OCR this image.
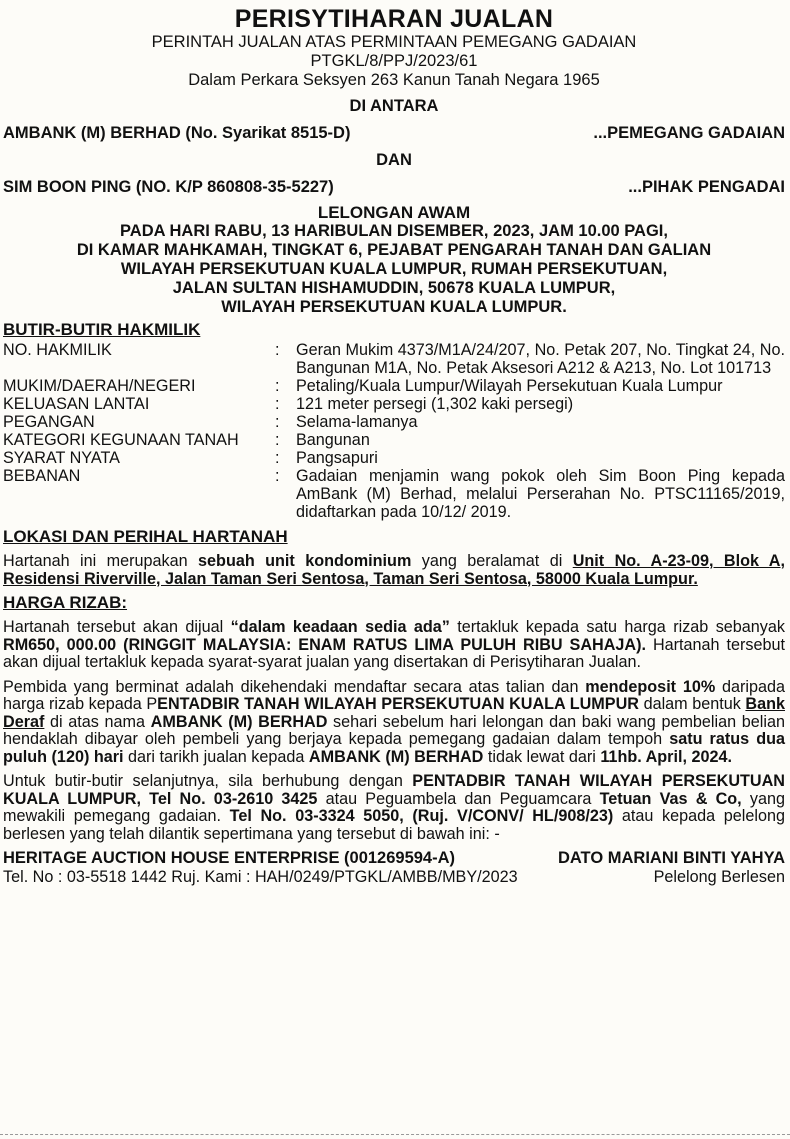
PERISYTIHARAN JUALAN
PERINTAH JUALAN ATAS PERMINTAAN PEMEGANG GADAIAN
PTGKL/8/PPJ/2023/61
Dalam Perkara Seksyen 263 Kanun Tanah Negara 1965
DI ANTARA
AMBANK (M) BERHAD (No. Syarikat 8515-D)	...PEMEGANG GADAIAN
DAN
SIM BOON PING (NO. K/P 860808-35-5227)	...PIHAK PENGADAI
LELONGAN AWAM
PADA HARI RABU, 13 HARIBULAN DISEMBER, 2023, JAM 10.00 PAGI,
DI KAMAR MAHKAMAH, TINGKAT 6, PEJABAT PENGARAH TANAH DAN GALIAN
WILAYAH PERSEKUTUAN KUALA LUMPUR, RUMAH PERSEKUTUAN,
JALAN SULTAN HISHAMUDDIN, 50678 KUALA LUMPUR,
WILAYAH PERSEKUTUAN KUALA LUMPUR.
BUTIR-BUTIR HAKMILIK
NO. HAKMILIK	:	Geran Mukim 4373/M1A/24/207, No. Petak 207, No. Tingkat 24, No. Bangunan M1A, No. Petak Aksesori A212 & A213, No. Lot 101713
MUKIM/DAERAH/NEGERI	:	Petaling/Kuala Lumpur/Wilayah Persekutuan Kuala Lumpur
KELUASAN LANTAI	:	121 meter persegi (1,302 kaki persegi)
PEGANGAN	:	Selama-lamanya
KATEGORI KEGUNAAN TANAH	:	Bangunan
SYARAT NYATA	:	Pangsapuri
BEBANAN	:	Gadaian menjamin wang pokok oleh Sim Boon Ping kepada AmBank (M) Berhad, melalui Perserahan No. PTSC11165/2019, didaftarkan pada 10/12/ 2019.
LOKASI DAN PERIHAL HARTANAH

Hartanah ini merupakan sebuah unit kondominium yang beralamat di Unit No. A-23-09, Blok A, Residensi Riverville, Jalan Taman Seri Sentosa, Taman Seri Sentosa, 58000 Kuala Lumpur.

HARGA RIZAB:

Hartanah tersebut akan dijual “dalam keadaan sedia ada” tertakluk kepada satu harga rizab sebanyak RM650, 000.00 (RINGGIT MALAYSIA: ENAM RATUS LIMA PULUH RIBU SAHAJA). Hartanah tersebut akan dijual tertakluk kepada syarat-syarat jualan yang disertakan di Perisytiharan Jualan.

Pembida yang berminat adalah dikehendaki mendaftar secara atas talian dan mendeposit 10% daripada harga rizab kepada PENTADBIR TANAH WILAYAH PERSEKUTUAN KUALA LUMPUR dalam bentuk Bank Deraf di atas nama AMBANK (M) BERHAD sehari sebelum hari lelongan dan baki wang pembelian belian hendaklah dibayar oleh pembeli yang berjaya kepada pemegang gadaian dalam tempoh satu ratus dua puluh (120) hari dari tarikh jualan kepada AMBANK (M) BERHAD tidak lewat dari 11hb. April, 2024.

Untuk butir-butir selanjutnya, sila berhubung dengan PENTADBIR TANAH WILAYAH PERSEKUTUAN KUALA LUMPUR, Tel No. 03-2610 3425 atau Peguambela dan Peguamcara Tetuan Vas & Co, yang mewakili pemegang gadaian. Tel No. 03-3324 5050, (Ruj. V/CONV/ HL/908/23) atau kepada pelelong berlesen yang telah dilantik sepertimana yang tersebut di bawah ini: -

HERITAGE AUCTION HOUSE ENTERPRISE (001269594-A)	DATO MARIANI BINTI YAHYA
Tel. No : 03-5518 1442 Ruj. Kami : HAH/0249/PTGKL/AMBB/MBY/2023	Pelelong Berlesen
